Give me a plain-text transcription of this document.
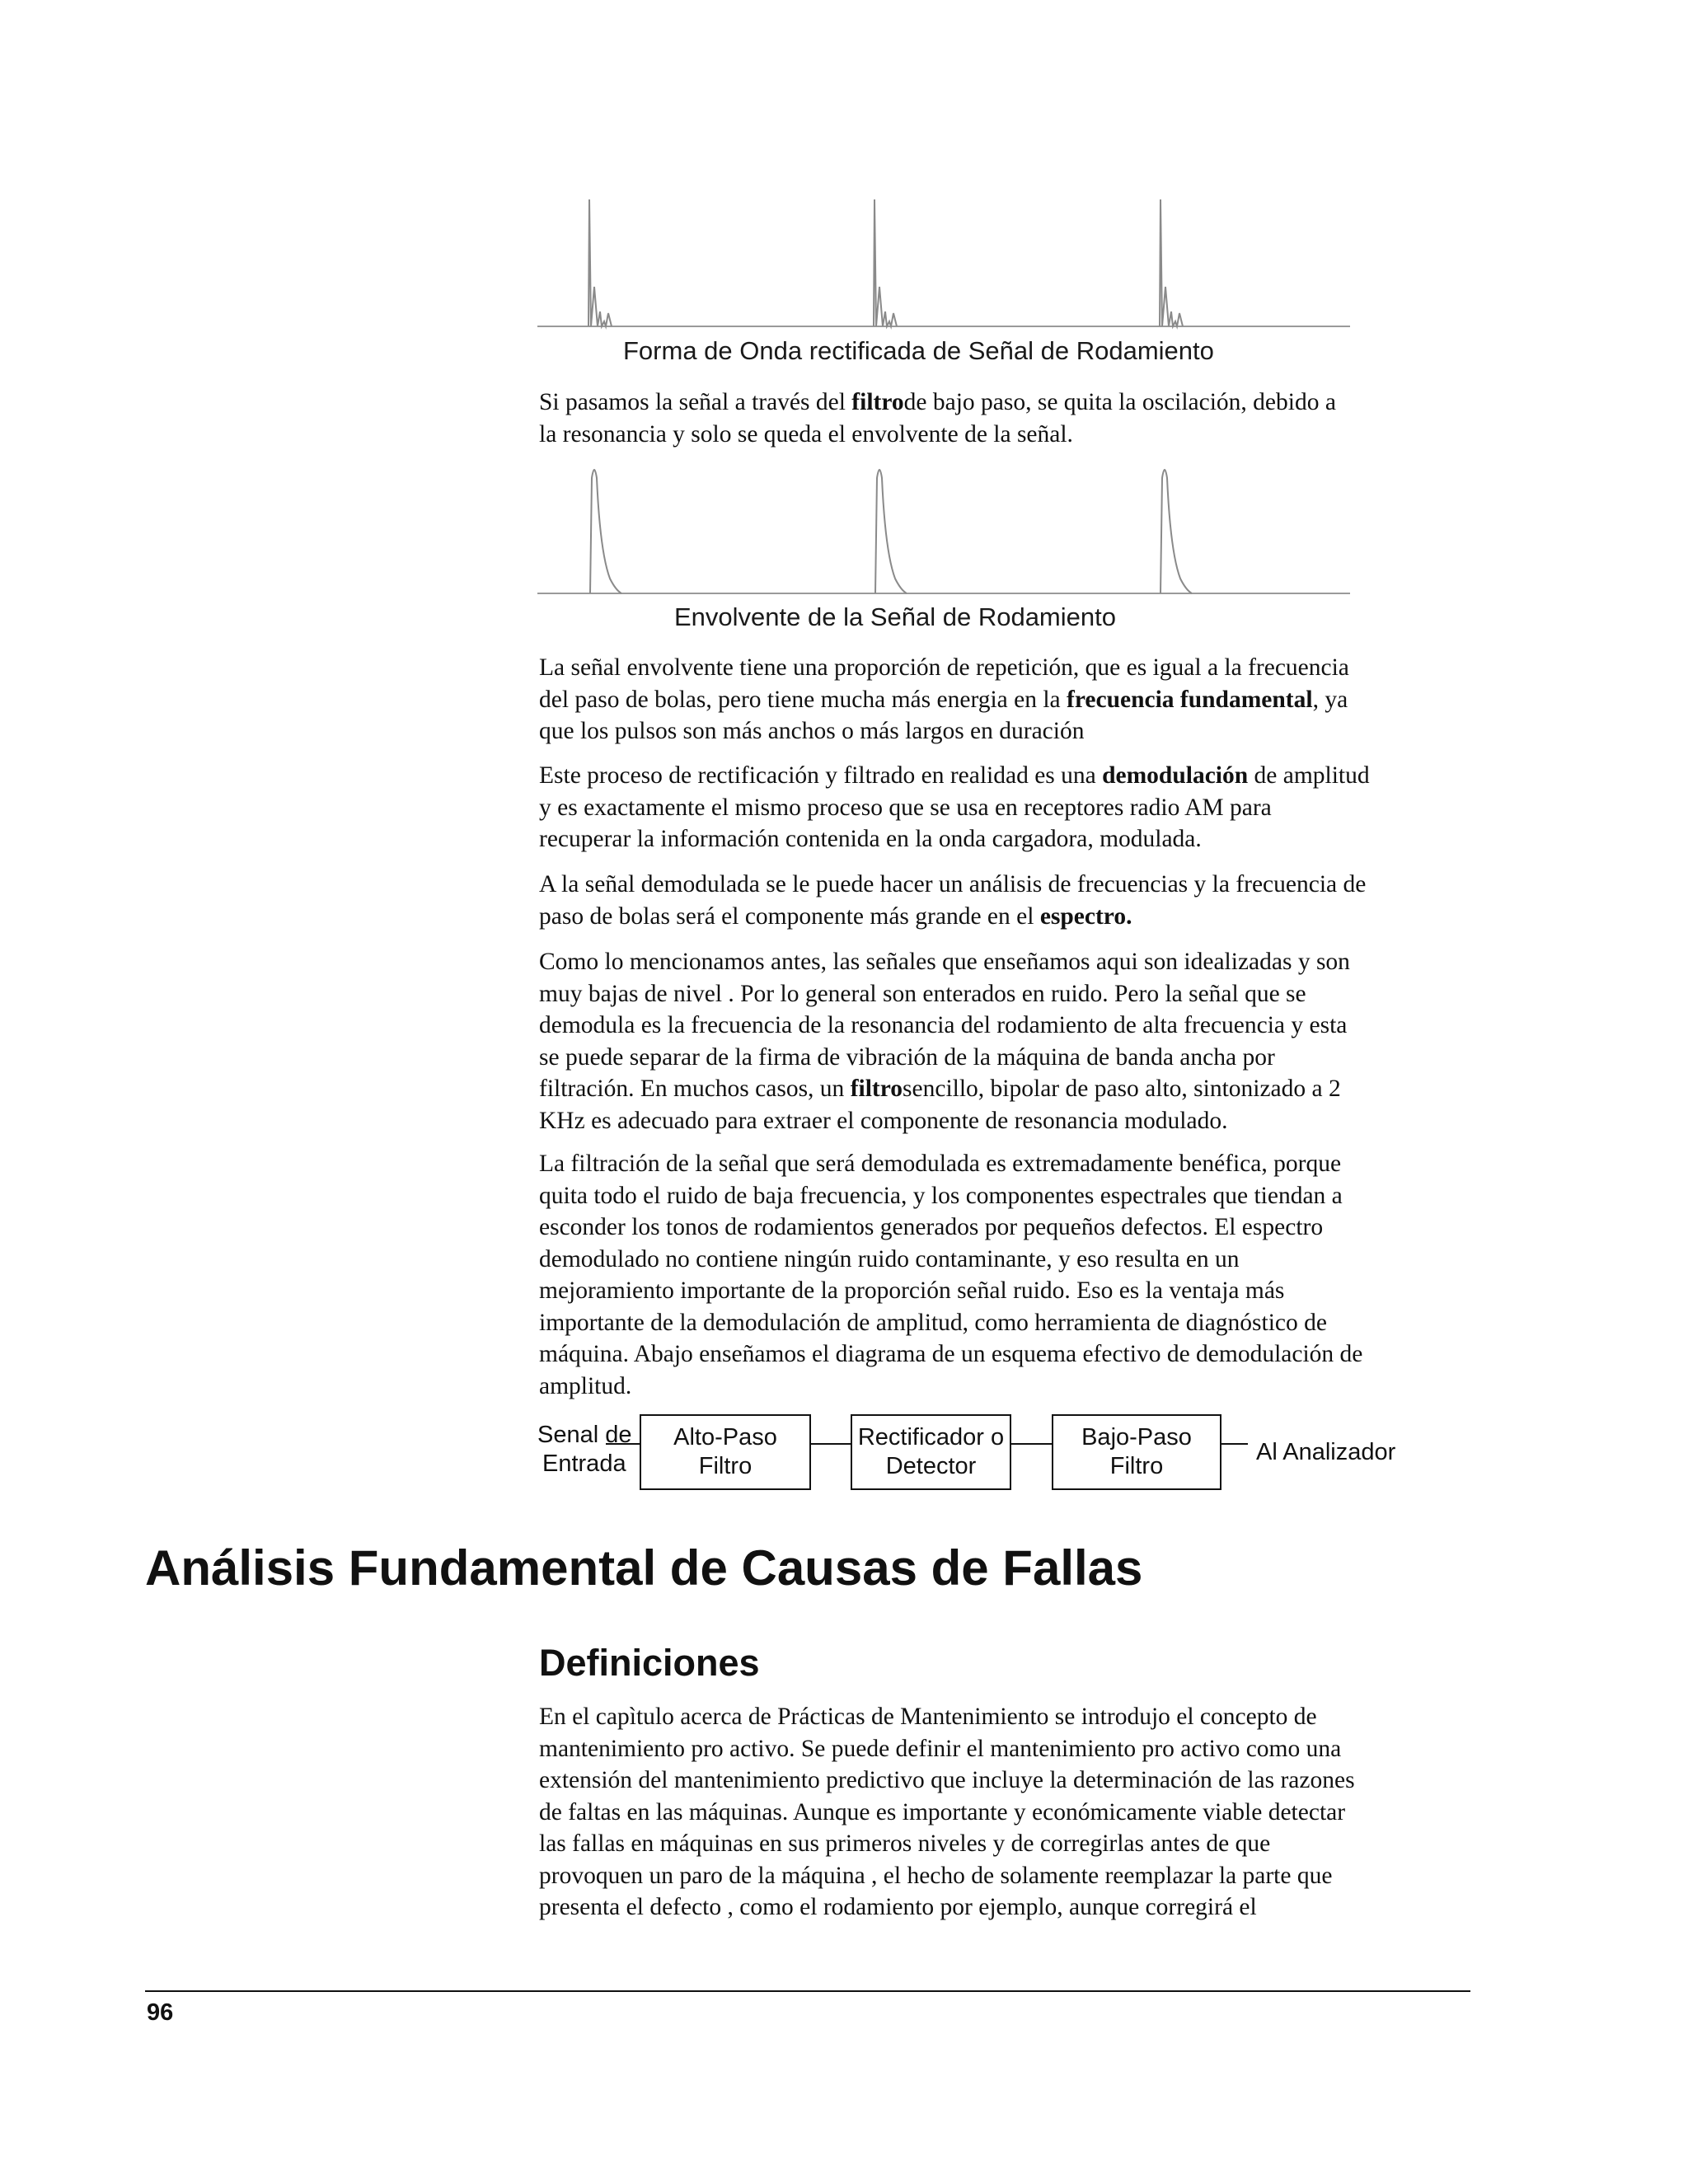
Forma de Onda rectificada de Señal de Rodamiento

Si pasamos la señal a través del filtrode bajo paso, se quita la oscilación, debido a
la resonancia y solo se queda el envolvente de la señal.

Envolvente de la Señal de Rodamiento

La señal envolvente tiene una proporción de repetición, que es igual a la frecuencia
del paso de bolas, pero tiene mucha más energia en la frecuencia fundamental, ya
que los pulsos son más anchos o más largos en duración

Este proceso de rectificación y filtrado en realidad es una demodulación de amplitud
y es exactamente el mismo proceso que se usa en receptores radio AM para
recuperar la información contenida en la onda cargadora, modulada.

A la señal demodulada se le puede hacer un análisis de frecuencias y la frecuencia de
paso de bolas será el componente más grande en el espectro.

Como lo mencionamos antes, las señales que enseñamos aqui son idealizadas y son
muy bajas de nivel . Por lo general son enterados en ruido. Pero la señal que se
demodula es la frecuencia de la resonancia del rodamiento de alta frecuencia y esta
se puede separar de la firma de vibración de la máquina de banda ancha por
filtración. En muchos casos, un filtrosencillo, bipolar de paso alto, sintonizado a 2
KHz es adecuado para extraer el componente de resonancia modulado.

La filtración de la señal que será demodulada es extremadamente benéfica, porque
quita todo el ruido de baja frecuencia, y los componentes espectrales que tiendan a
esconder los tonos de rodamientos generados por pequeños defectos. El espectro
demodulado no contiene ningún ruido contaminante, y eso resulta en un
mejoramiento importante de la proporción señal ruido. Eso es la ventaja más
importante de la demodulación de amplitud, como herramienta de diagnóstico de
máquina. Abajo enseñamos el diagrama de un esquema efectivo de demodulación de
amplitud.

Senal de
Entrada
Alto-Paso
Filtro
Rectificador o
Detector
Bajo-Paso
Filtro
Al Analizador
Análisis Fundamental de Causas de Fallas
Definiciones

En el capìtulo acerca de Prácticas de Mantenimiento se introdujo el concepto de
mantenimiento pro activo. Se puede definir el mantenimiento pro activo como una
extensión del mantenimiento predictivo que incluye la determinación de las razones
de faltas en las máquinas. Aunque es importante y económicamente viable detectar
las fallas en máquinas en sus primeros niveles y de corregirlas antes de que
provoquen un paro de la máquina , el hecho de solamente reemplazar la parte que
presenta el defecto , como el rodamiento por ejemplo, aunque corregirá el

96
